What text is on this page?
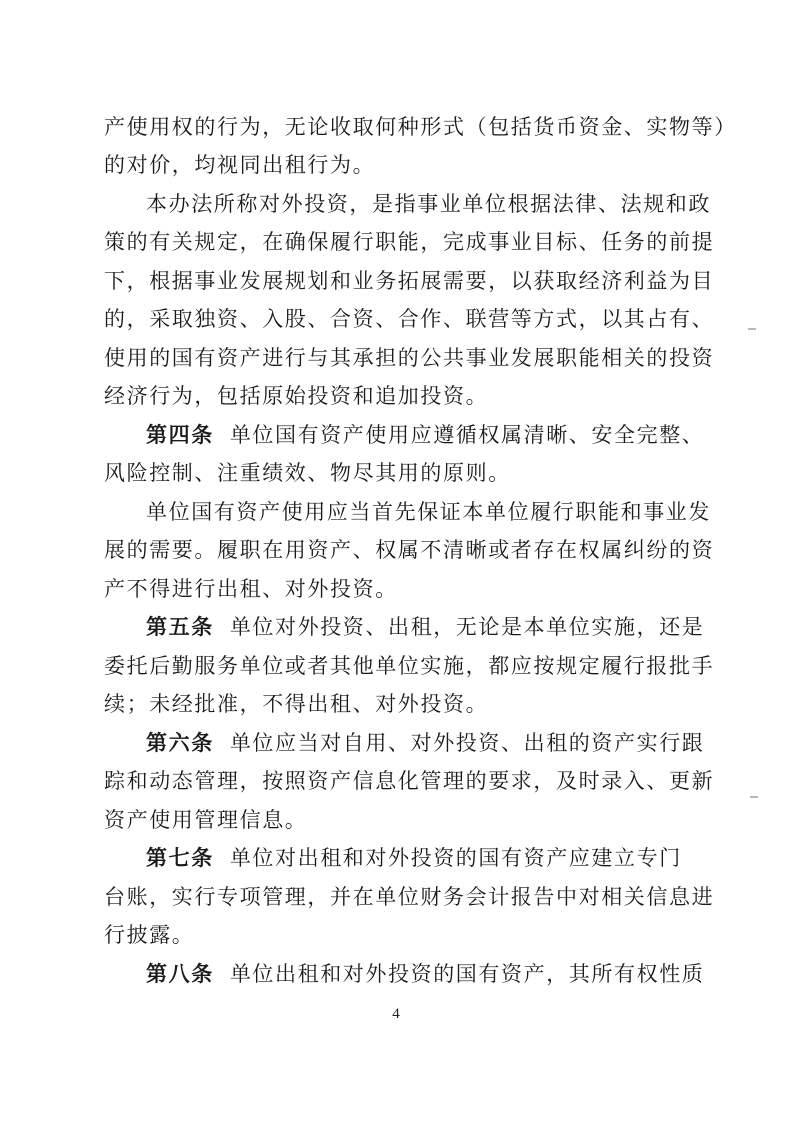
产使用权的行为，无论收取何种形式（包括货币资金、实物等）
的对价，均视同出租行为。
本办法所称对外投资，是指事业单位根据法律、法规和政
策的有关规定，在确保履行职能，完成事业目标、任务的前提
下，根据事业发展规划和业务拓展需要，以获取经济利益为目
的，采取独资、入股、合资、合作、联营等方式，以其占有、
使用的国有资产进行与其承担的公共事业发展职能相关的投资
经济行为，包括原始投资和追加投资。
第四条 单位国有资产使用应遵循权属清晰、安全完整、
风险控制、注重绩效、物尽其用的原则。
单位国有资产使用应当首先保证本单位履行职能和事业发
展的需要。履职在用资产、权属不清晰或者存在权属纠纷的资
产不得进行出租、对外投资。
第五条 单位对外投资、出租，无论是本单位实施，还是
委托后勤服务单位或者其他单位实施，都应按规定履行报批手
续；未经批准，不得出租、对外投资。
第六条 单位应当对自用、对外投资、出租的资产实行跟
踪和动态管理，按照资产信息化管理的要求，及时录入、更新
资产使用管理信息。
第七条 单位对出租和对外投资的国有资产应建立专门
台账，实行专项管理，并在单位财务会计报告中对相关信息进
行披露。
第八条 单位出租和对外投资的国有资产，其所有权性质
4
